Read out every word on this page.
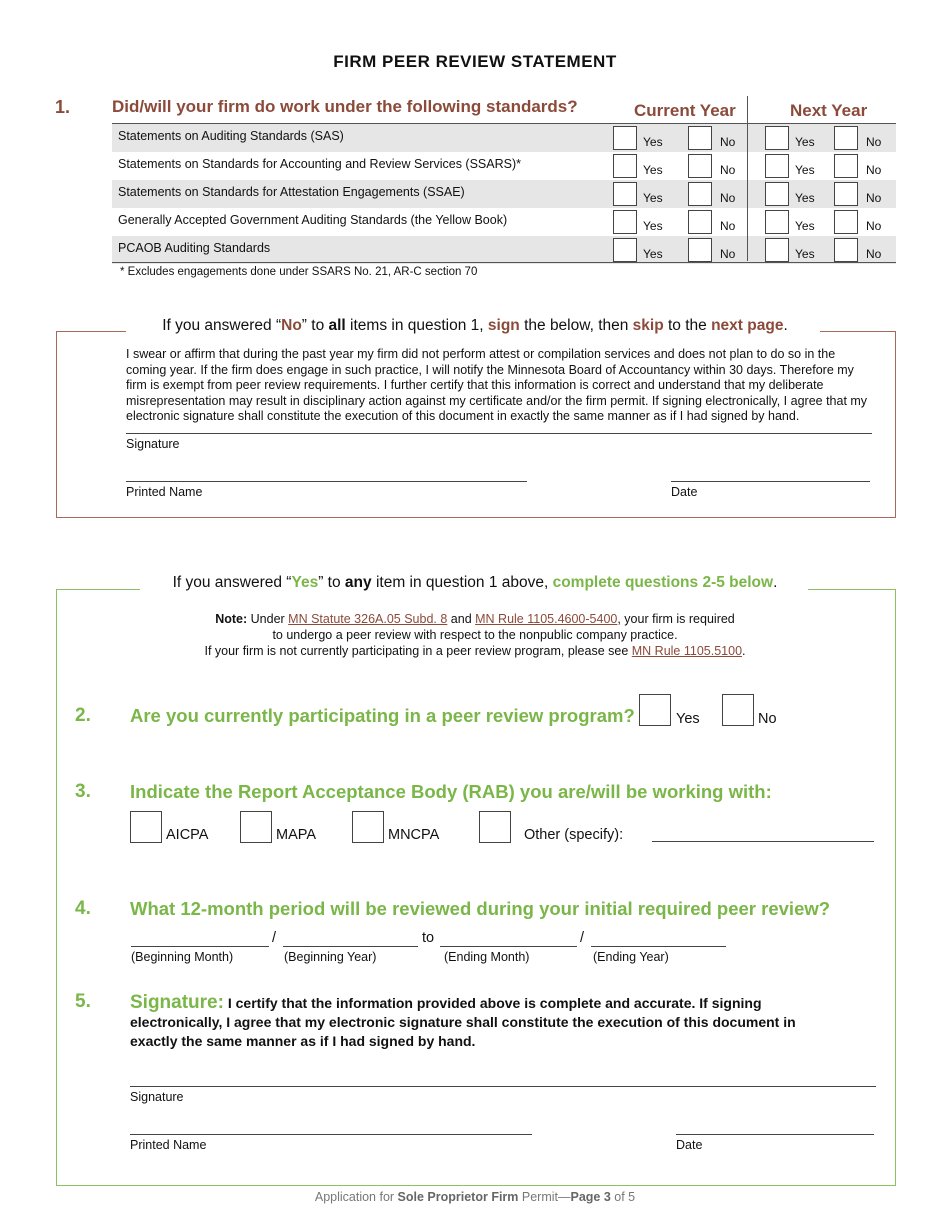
FIRM PEER REVIEW STATEMENT
1. Did/will your firm do work under the following standards?	Current Year	Next Year
Statements on Auditing Standards (SAS)	Yes	No	Yes	No
Statements on Standards for Accounting and Review Services (SSARS)*	Yes	No	Yes	No
Statements on Standards for Attestation Engagements (SSAE)	Yes	No	Yes	No
Generally Accepted Government Auditing Standards (the Yellow Book)	Yes	No	Yes	No
PCAOB Auditing Standards	Yes	No	Yes	No
* Excludes engagements done under SSARS No. 21, AR-C section 70
If you answered “No” to all items in question 1, sign the below, then skip to the next page.
I swear or affirm that during the past year my firm did not perform attest or compilation services and does not plan to do so in the coming year. If the firm does engage in such practice, I will notify the Minnesota Board of Accountancy within 30 days. Therefore my firm is exempt from peer review requirements. I further certify that this information is correct and understand that my deliberate misrepresentation may result in disciplinary action against my certificate and/or the firm permit. If signing electronically, I agree that my electronic signature shall constitute the execution of this document in exactly the same manner as if I had signed by hand.
Signature
Printed Name	Date
If you answered “Yes” to any item in question 1 above, complete questions 2-5 below.
Note: Under MN Statute 326A.05 Subd. 8 and MN Rule 1105.4600-5400, your firm is required
to undergo a peer review with respect to the nonpublic company practice.
If your firm is not currently participating in a peer review program, please see MN Rule 1105.5100.
2. Are you currently participating in a peer review program?	Yes	No
3. Indicate the Report Acceptance Body (RAB) you are/will be working with:
AICPA	MAPA	MNCPA	Other (specify):
4. What 12-month period will be reviewed during your initial required peer review?
/	to	/
(Beginning Month)	(Beginning Year)	(Ending Month)	(Ending Year)
5. Signature: I certify that the information provided above is complete and accurate. If signing electronically, I agree that my electronic signature shall constitute the execution of this document in exactly the same manner as if I had signed by hand.
Signature
Printed Name	Date
Application for Sole Proprietor Firm Permit—Page 3 of 5
